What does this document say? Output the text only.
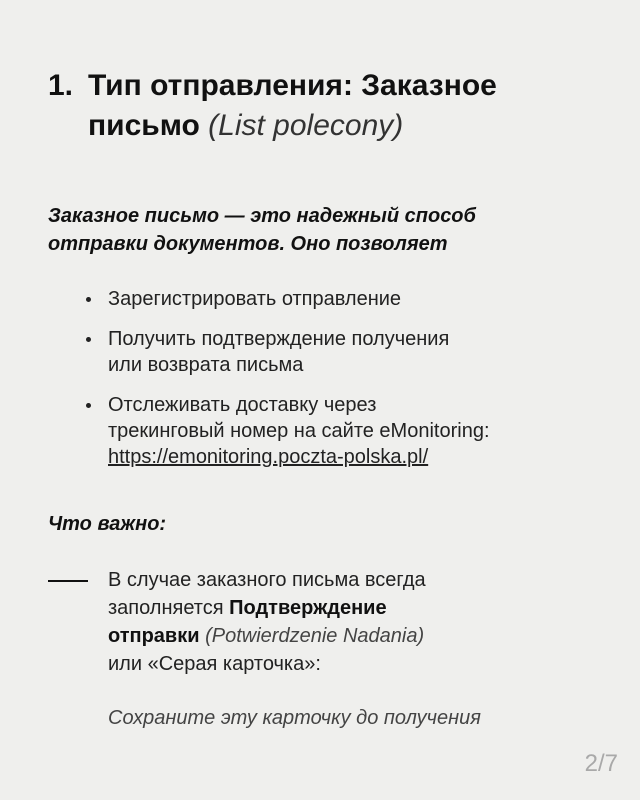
1. Тип отправления: Заказное
письмо (List polecony)
Заказное письмо — это надежный способ
отправки документов. Оно позволяет
Зарегистрировать отправление
Получить подтверждение получения
или возврата письма
Отслеживать доставку через
трекинговый номер на сайте eMonitoring:
https://emonitoring.poczta-polska.pl/
Что важно:
В случае заказного письма всегда
заполняется Подтверждение
отправки (Potwierdzenie Nadania)
или «Серая карточка»:
Сохраните эту карточку до получения
2/7
